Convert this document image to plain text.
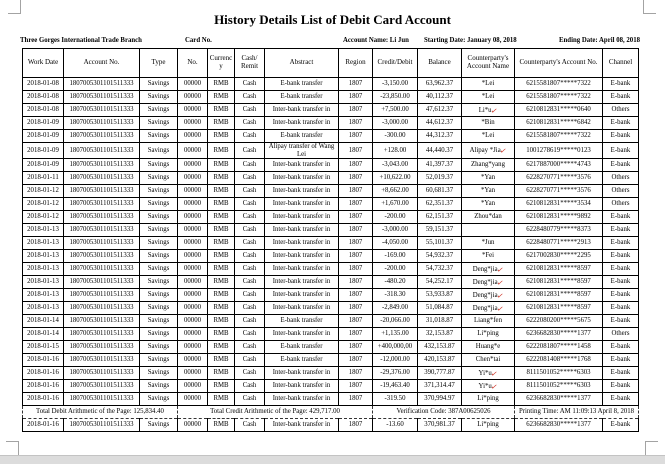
History Details List of Debit Card Account
Three Gorges International Trade Branch	Card No.	Account Name: Li Jun Starting Date: January 08, 2018	Ending Date: April 08, 2018
Work Date	Account No.	Type	No.	Currency	Cash/ Remit	Abstract	Region	Credit/Debit	Balance	Counterparty's Account Name	Counterparty's Account No.	Channel
2018-01-08	1807005301101511333	Savings	00000	RMB	Cash	E-bank transfer	1807	-3,150.00	63,962.37	*Lei	6215581807*****7322	E-bank
2018-01-08	1807005301101511333	Savings	00000	RMB	Cash	E-bank transfer	1807	-23,850.00	40,112.37	*Lei	6215581807*****7322	E-bank
2018-01-08	1807005301101511333	Savings	00000	RMB	Cash	Inter-bank transfer in	1807	+7,500.00	47,612.37	Li*u✓	6210812831*****0640	Others
2018-01-09	1807005301101511333	Savings	00000	RMB	Cash	Inter-bank transfer in	1807	-3,000.00	44,612.37	*Bin	6210812831*****6842	E-bank
2018-01-09	1807005301101511333	Savings	00000	RMB	Cash	E-bank transfer	1807	-300.00	44,312.37	*Lei	6215581807*****7322	E-bank
2018-01-09	1807005301101511333	Savings	00000	RMB	Cash	Alipay transfer of Wang Lei	1807	+128.00	44,440.37	Alipay *Jia✓	1001278619*****0123	E-bank
2018-01-09	1807005301101511333	Savings	00000	RMB	Cash	Inter-bank transfer in	1807	-3,043.00	41,397.37	Zhang*yang	6217887000*****4743	E-bank
2018-01-11	1807005301101511333	Savings	00000	RMB	Cash	Inter-bank transfer in	1807	+10,622.00	52,019.37	*Yan	6228270771*****3576	Others
2018-01-12	1807005301101511333	Savings	00000	RMB	Cash	Inter-bank transfer in	1807	+8,662.00	60,681.37	*Yan	6228270771*****3576	Others
2018-01-12	1807005301101511333	Savings	00000	RMB	Cash	Inter-bank transfer in	1807	+1,670.00	62,351.37	*Yan	6210812831*****3534	Others
2018-01-12	1807005301101511333	Savings	00000	RMB	Cash	Inter-bank transfer in	1807	-200.00	62,151.37	Zhou*dan	6210812831*****9892	E-bank
2018-01-13	1807005301101511333	Savings	00000	RMB	Cash	Inter-bank transfer in	1807	-3,000.00	59,151.37		6228480779*****8373	E-bank
2018-01-13	1807005301101511333	Savings	00000	RMB	Cash	Inter-bank transfer in	1807	-4,050.00	55,101.37	*Jun	6228480771*****2913	E-bank
2018-01-13	1807005301101511333	Savings	00000	RMB	Cash	Inter-bank transfer in	1807	-169.00	54,932.37	*Fei	6217002830*****2295	E-bank
2018-01-13	1807005301101511333	Savings	00000	RMB	Cash	Inter-bank transfer in	1807	-200.00	54,732.37	Deng*jia✓	6210812831*****8597	E-bank
2018-01-13	1807005301101511333	Savings	00000	RMB	Cash	Inter-bank transfer in	1807	-480.20	54,252.17	Deng*jia✓	6210812831*****8597	E-bank
2018-01-13	1807005301101511333	Savings	00000	RMB	Cash	Inter-bank transfer in	1807	-318.30	53,933.87	Deng*jia✓	6210812831*****8597	E-bank
2018-01-13	1807005301101511333	Savings	00000	RMB	Cash	Inter-bank transfer in	1807	-2,849.00	51,084.87	Deng*jia✓	6210812831*****8597	E-bank
2018-01-14	1807005301101511333	Savings	00000	RMB	Cash	E-bank transfer	1807	-20,066.00	31,018.87	Liang*fen	6222080200*****5675	E-bank
2018-01-14	1807005301101511333	Savings	00000	RMB	Cash	Inter-bank transfer in	1807	+1,135.00	32,153.87	Li*ping	6236682830*****1377	Others
2018-01-15	1807005301101511333	Savings	00000	RMB	Cash	E-bank transfer	1807	+400,000,00	432,153.87	Huang*e	6222081807*****1458	E-bank
2018-01-16	1807005301101511333	Savings	00000	RMB	Cash	E-bank transfer	1807	-12,000.00	420,153.87	Chen*tai	6222081408*****1768	E-bank
2018-01-16	1807005301101511333	Savings	00000	RMB	Cash	Inter-bank transfer in	1807	-29,376.00	390,777.87	Yi*u✓	8111501052*****6303	E-bank
2018-01-16	1807005301101511333	Savings	00000	RMB	Cash	Inter-bank transfer in	1807	-19,463.40	371,314.47	Yi*u✓	8111501052*****6303	E-bank
2018-01-16	1807005301101511333	Savings	00000	RMB	Cash	Inter-bank transfer in	1807	-319.50	370,994.97	Li*ping	6236682830*****1377	E-bank
Total Debit Arithmetic of the Page: 125,834.40			Total Credit Arithmetic of the Page: 429,717.00					Verification Code: 387A00625026			Printing Time: AM 11:09:13 April 8, 2018	
2018-01-16	1807005301101511333	Savings	00000	RMB	Cash	Inter-bank transfer in	1807	-13.60	370,981.37	Li*ping	6236682830*****1377	E-bank
